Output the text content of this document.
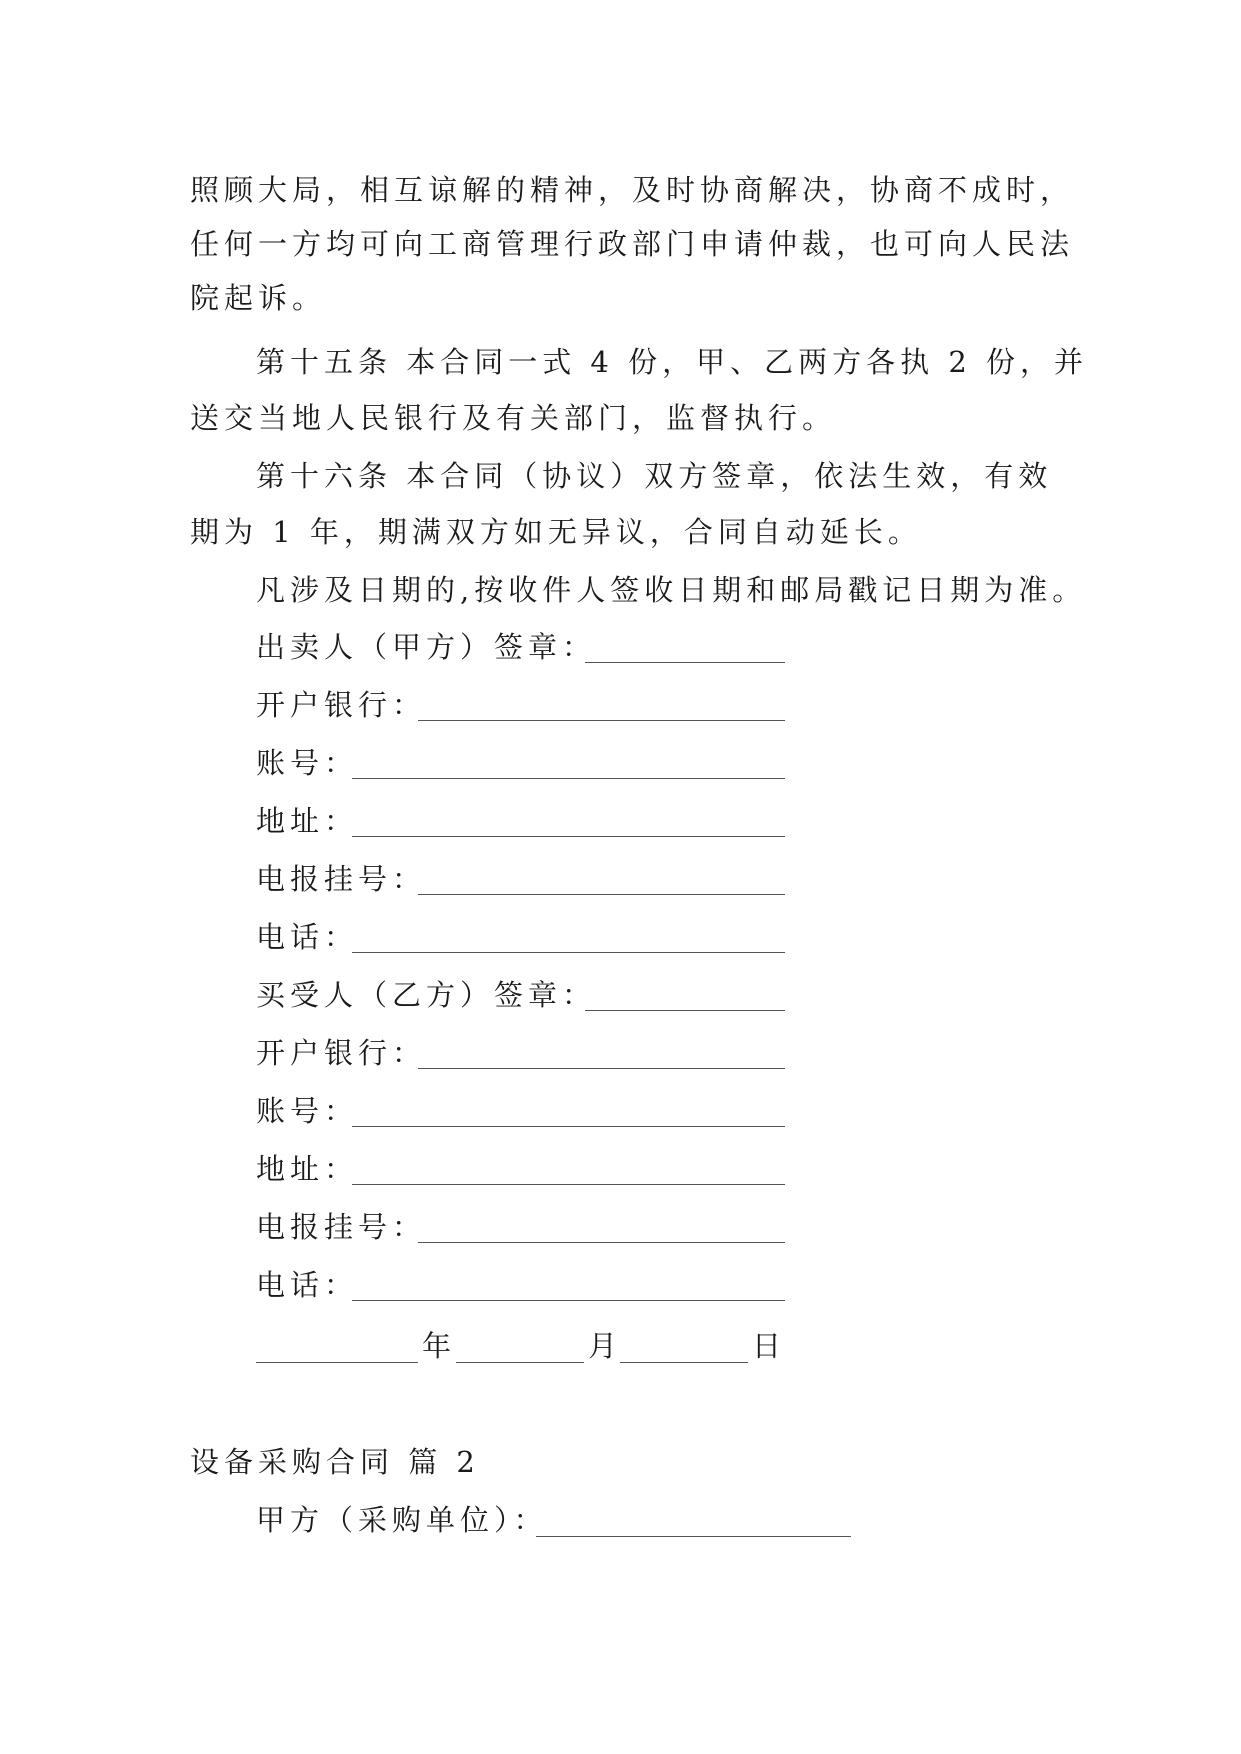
照顾大局，相互谅解的精神，及时协商解决，协商不成时，
任何一方均可向工商管理行政部门申请仲裁，也可向人民法
院起诉。
第十五条 本合同一式 4 份，甲、乙两方各执 2 份，并
送交当地人民银行及有关部门，监督执行。
第十六条 本合同（协议）双方签章，依法生效，有效
期为 1 年，期满双方如无异议，合同自动延长。
凡涉及日期的,按收件人签收日期和邮局戳记日期为准。
出卖人（甲方）签章：
开户银行：
账号：
地址：
电报挂号：
电话：
买受人（乙方）签章：
开户银行：
账号：
地址：
电报挂号：
电话：
年	月	日
设备采购合同 篇 2
甲方（采购单位）：
